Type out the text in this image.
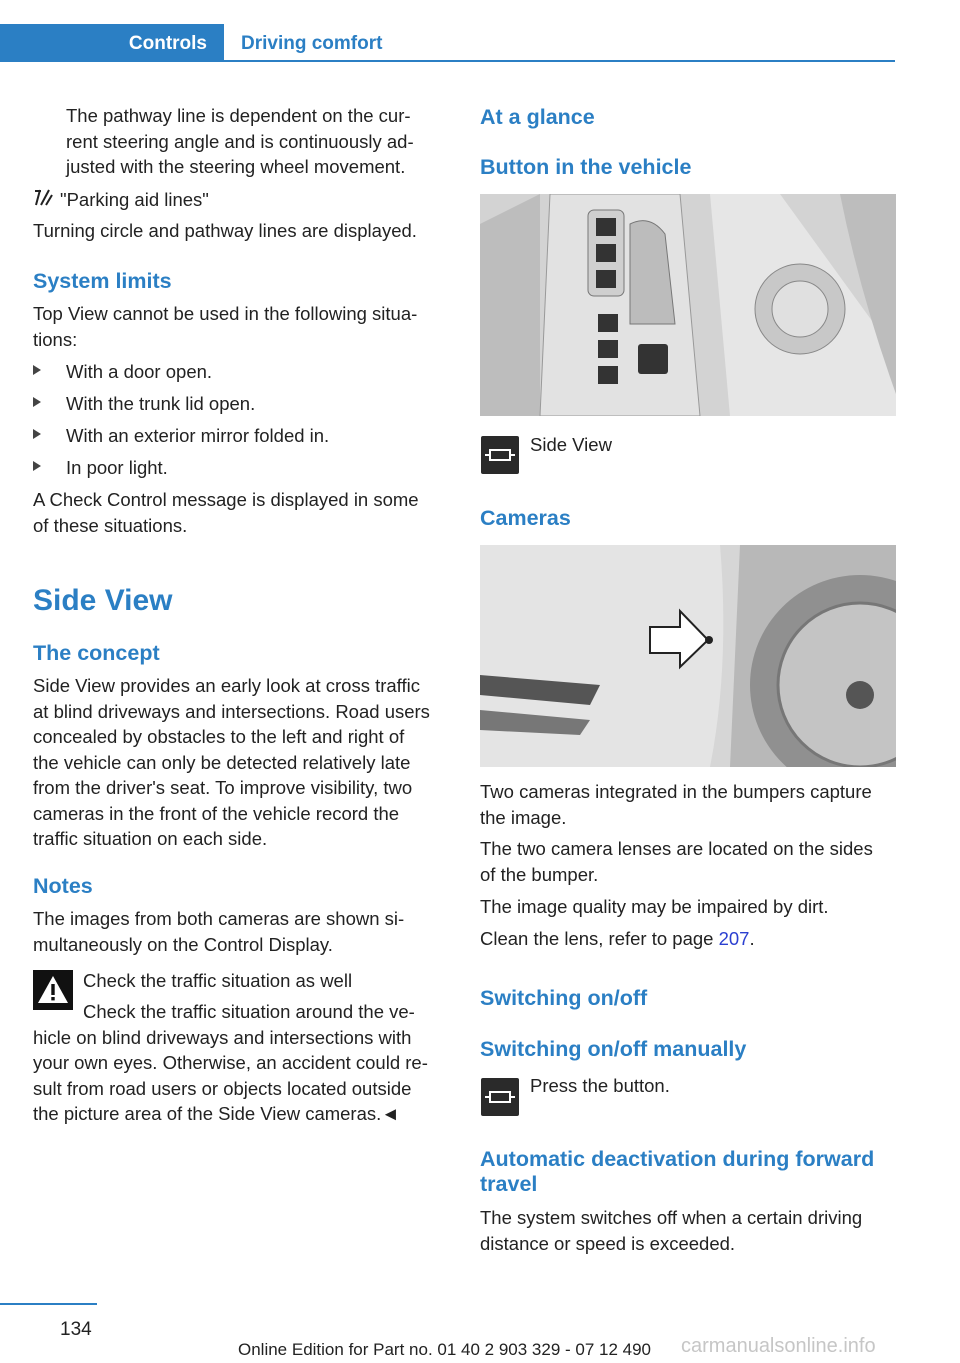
Controls Driving comfort
The pathway line is dependent on the cur-
rent steering angle and is continuously ad-
justed with the steering wheel movement.
"Parking aid lines"
Turning circle and pathway lines are displayed.
System limits
Top View cannot be used in the following situa-
tions:
With a door open.
With the trunk lid open.
With an exterior mirror folded in.
In poor light.
A Check Control message is displayed in some
of these situations.
Side View
The concept
Side View provides an early look at cross traffic
at blind driveways and intersections. Road users
concealed by obstacles to the left and right of
the vehicle can only be detected relatively late
from the driver's seat. To improve visibility, two
cameras in the front of the vehicle record the
traffic situation on each side.
Notes
The images from both cameras are shown si-
multaneously on the Control Display.
Check the traffic situation as well
Check the traffic situation around the ve-
hicle on blind driveways and intersections with
your own eyes. Otherwise, an accident could re-
sult from road users or objects located outside
the picture area of the Side View cameras.◄
At a glance
Button in the vehicle
Side View
Cameras
Two cameras integrated in the bumpers capture
the image.
The two camera lenses are located on the sides
of the bumper.
The image quality may be impaired by dirt.
Clean the lens, refer to page 207.
Switching on/off
Switching on/off manually
Press the button.
Automatic deactivation during forward
travel
The system switches off when a certain driving
distance or speed is exceeded.
134
Online Edition for Part no. 01 40 2 903 329 - 07 12 490 carmanualsonline.info
